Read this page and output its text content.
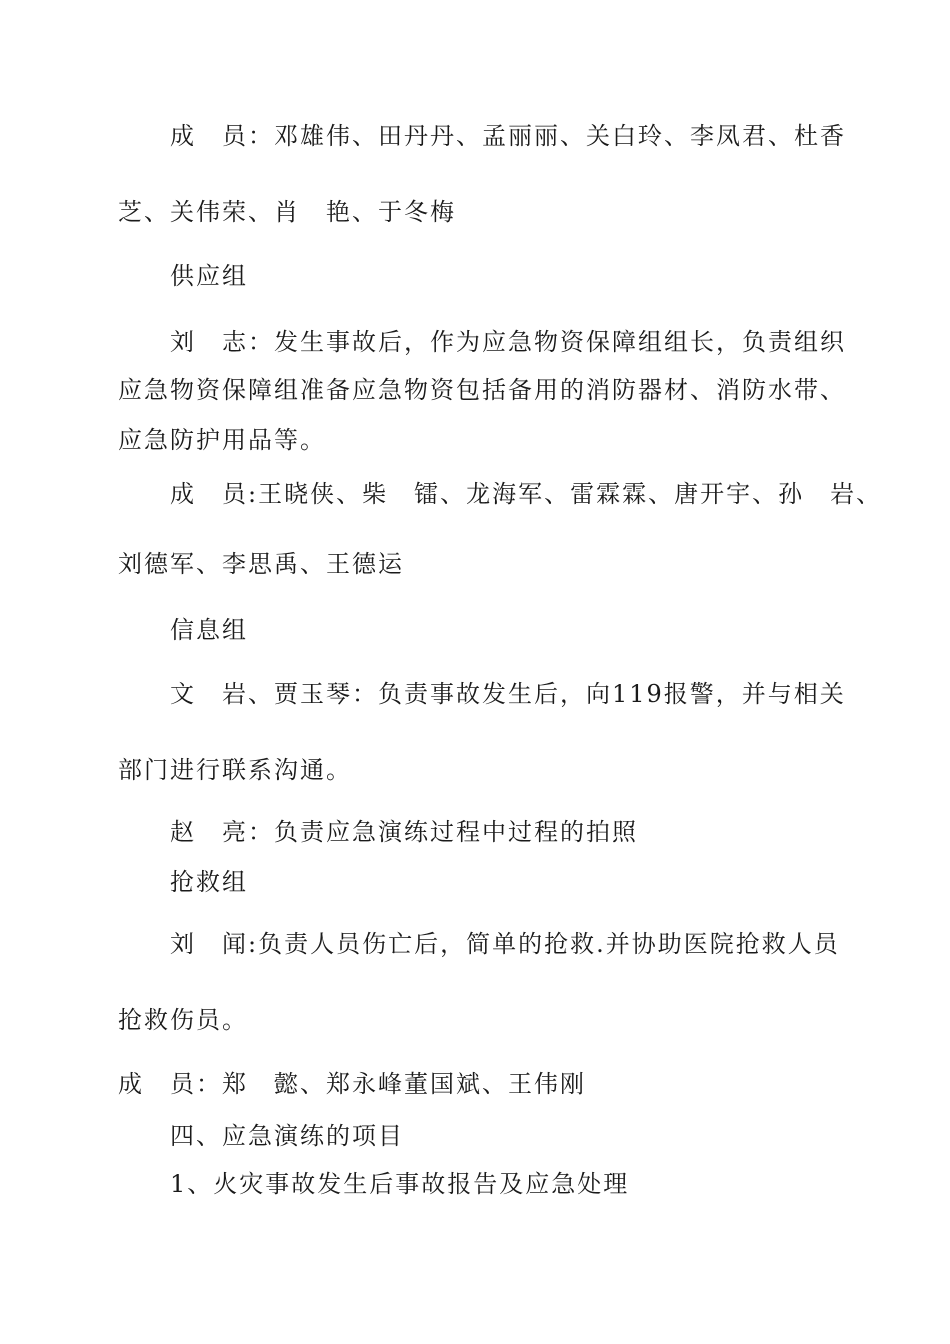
成　员：邓雄伟、田丹丹、孟丽丽、关白玲、李凤君、杜香

芝、关伟荣、肖　艳、于冬梅

供应组

刘　志：发生事故后，作为应急物资保障组组长，负责组织

应急物资保障组准备应急物资包括备用的消防器材、消防水带、

应急防护用品等。

成　员:王晓侠、柴　镭、龙海军、雷霖霖、唐开宇、孙　岩、

刘德军、李思禹、王德运

信息组

文　岩、贾玉琴：负责事故发生后，向119报警，并与相关

部门进行联系沟通。

赵　亮：负责应急演练过程中过程的拍照

抢救组

刘　闻:负责人员伤亡后，简单的抢救.并协助医院抢救人员

抢救伤员。

成　员：郑　懿、郑永峰董国斌、王伟刚

四、应急演练的项目

1、火灾事故发生后事故报告及应急处理
